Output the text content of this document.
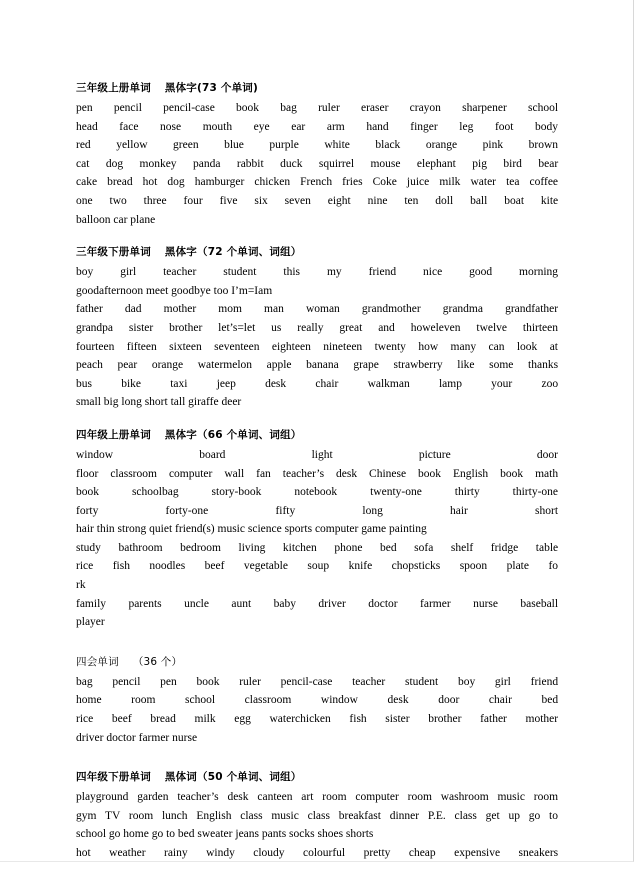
三年级上册单词 黑体字(73 个单词)
pen pencil pencil-case book bag ruler eraser crayon sharpener school
head face nose mouth eye ear arm hand finger leg foot body
red yellow green blue purple white black orange pink brown
cat dog monkey panda rabbit duck squirrel mouse elephant pig bird bear
cake bread hot dog hamburger chicken French fries Coke juice milk water tea coffee
one two three four five six seven eight nine ten doll ball boat kite
balloon car plane
三年级下册单词 黑体字（72 个单词、词组）
boy girl teacher student this my friend nice good morning
goodafternoon meet goodbye too I’m=Iam
father dad mother mom man woman grandmother grandma grandfather
grandpa sister brother let’s=let us really great and howeleven twelve thirteen
fourteen fifteen sixteen seventeen eighteen nineteen twenty how many can look at
peach pear orange watermelon apple banana grape strawberry like some thanks
bus	bike	taxi	jeep desk	chair	walkman	lamp your	zoo
small big long short tall giraffe deer
四年级上册单词 黑体字（66 个单词、词组）
window	board	light	picture	door
floor classroom computer wall fan teacher’s desk Chinese book English book math
book	schoolbag	story-book	notebook	twenty-one thirty	thirty-one
forty	forty-one	fifty	long	hair	short
hair thin strong quiet friend(s) music science sports computer game painting
study bathroom bedroom living kitchen phone bed sofa shelf fridge table
rice fish noodles beef vegetable soup knife chopsticks spoon plate fo
rk
family parents uncle aunt baby driver doctor farmer nurse baseball
player
四会单词 （36 个）
bag pencil pen book ruler pencil-case teacher student boy girl friend
home	room	school	classroom	window	desk	door	chair	bed
rice beef bread milk egg waterchicken fish sister brother father mother
driver doctor farmer nurse
四年级下册单词 黑体词（50 个单词、词组）
playground garden teacher’s desk canteen art room computer room washroom music room
gym TV room lunch English class music class breakfast dinner P.E. class get up go to
school go home go to bed sweater jeans pants socks shoes shorts
hot weather rainy windy cloudy colourful pretty cheap expensive sneakers
